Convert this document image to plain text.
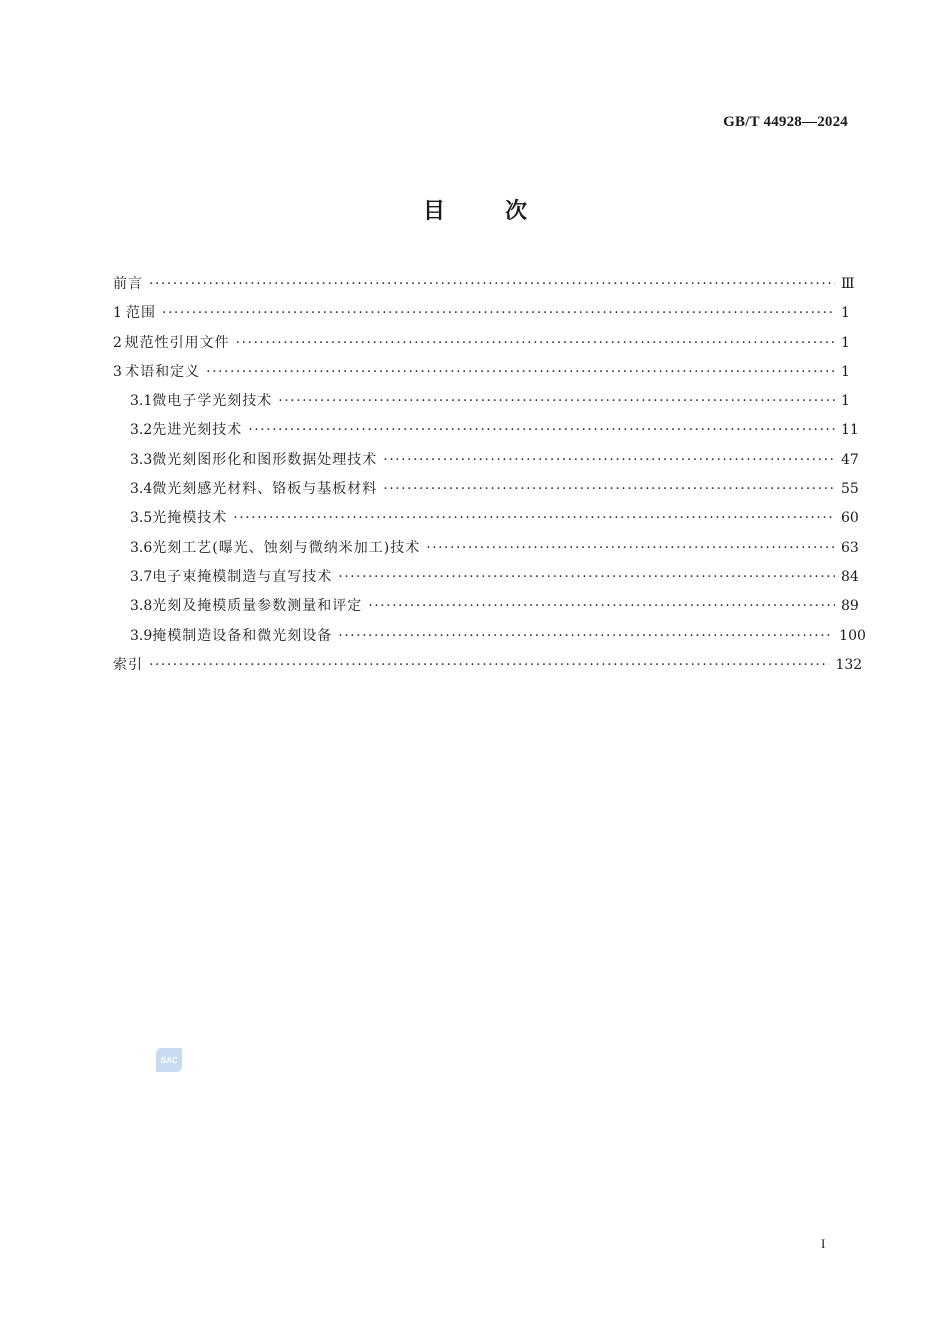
GB/T 44928—2024
目	次
前言 ·····	Ⅲ
1 范围 ·····	1
2 规范性引用文件 ·····	1
3 术语和定义 ·····	1
3.1 微电子学光刻技术 ·····	1
3.2 先进光刻技术 ·····	11
3.3 微光刻图形化和图形数据处理技术 ·····	47
3.4 微光刻感光材料、铬板与基板材料 ·····	55
3.5 光掩模技术 ·····	60
3.6 光刻工艺(曝光、蚀刻与微纳米加工)技术 ·····	63
3.7 电子束掩模制造与直写技术 ·····	84
3.8 光刻及掩模质量参数测量和评定 ·····	89
3.9 掩模制造设备和微光刻设备 ·····	100
索引 ·····	132
SAC
I
